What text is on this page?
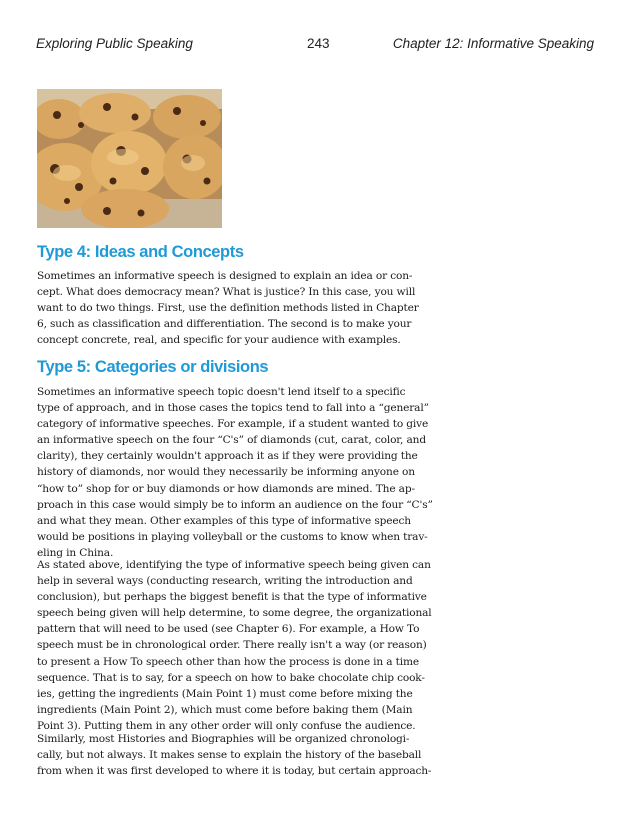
Exploring Public Speaking	243	Chapter 12: Informative Speaking
Type 4: Ideas and Concepts

Sometimes an informative speech is designed to explain an idea or con-
cept. What does democracy mean? What is justice? In this case, you will
want to do two things. First, use the definition methods listed in Chapter
6, such as classification and differentiation. The second is to make your
concept concrete, real, and specific for your audience with examples.

Type 5: Categories or divisions

Sometimes an informative speech topic doesn't lend itself to a specific
type of approach, and in those cases the topics tend to fall into a “general”
category of informative speeches. For example, if a student wanted to give
an informative speech on the four “C's” of diamonds (cut, carat, color, and
clarity), they certainly wouldn't approach it as if they were providing the
history of diamonds, nor would they necessarily be informing anyone on
“how to” shop for or buy diamonds or how diamonds are mined. The ap-
proach in this case would simply be to inform an audience on the four “C's”
and what they mean. Other examples of this type of informative speech
would be positions in playing volleyball or the customs to know when trav-
eling in China.

As stated above, identifying the type of informative speech being given can
help in several ways (conducting research, writing the introduction and
conclusion), but perhaps the biggest benefit is that the type of informative
speech being given will help determine, to some degree, the organizational
pattern that will need to be used (see Chapter 6). For example, a How To
speech must be in chronological order. There really isn't a way (or reason)
to present a How To speech other than how the process is done in a time
sequence. That is to say, for a speech on how to bake chocolate chip cook-
ies, getting the ingredients (Main Point 1) must come before mixing the
ingredients (Main Point 2), which must come before baking them (Main
Point 3). Putting them in any other order will only confuse the audience.

Similarly, most Histories and Biographies will be organized chronologi-
cally, but not always. It makes sense to explain the history of the baseball
from when it was first developed to where it is today, but certain approach-
